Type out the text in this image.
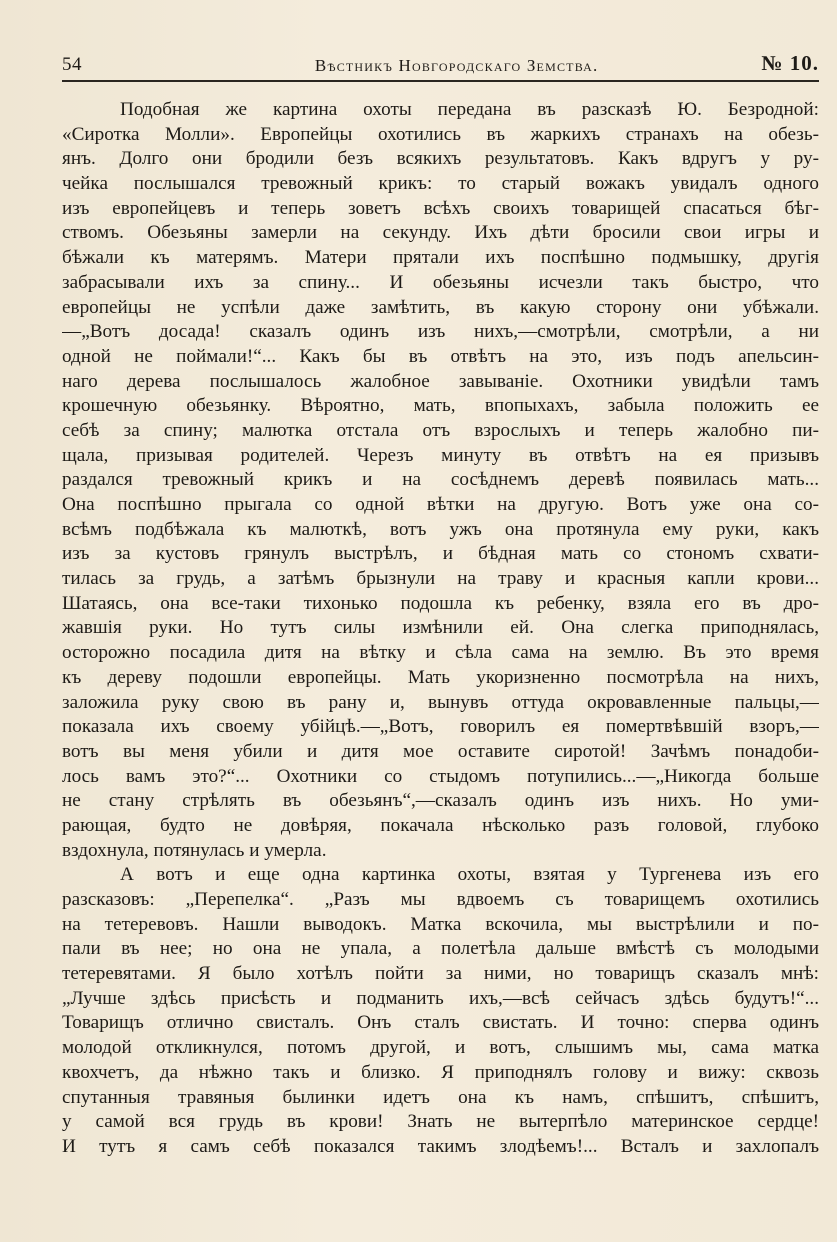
54	Вѣстникъ Новгородскаго Земства.	№ 10.
Подобная же картина охоты передана въ разсказѣ Ю. Безродной:
«Сиротка Молли». Европейцы охотились въ жаркихъ странахъ на обезь-
янъ. Долго они бродили безъ всякихъ результатовъ. Какъ вдругъ у ру-
чейка послышался тревожный крикъ: то старый вожакъ увидалъ одного
изъ европейцевъ и теперь зоветъ всѣхъ своихъ товарищей спасаться бѣг-
ствомъ. Обезьяны замерли на секунду. Ихъ дѣти бросили свои игры и
бѣжали къ матерямъ. Матери прятали ихъ поспѣшно подмышку, другія
забрасывали ихъ за спину... И обезьяны исчезли такъ быстро, что
европейцы не успѣли даже замѣтить, въ какую сторону они убѣжали.
—„Вотъ досада! сказалъ одинъ изъ нихъ,—смотрѣли, смотрѣли, а ни
одной не поймали!“... Какъ бы въ отвѣтъ на это, изъ подъ апельсин-
наго дерева послышалось жалобное завываніе. Охотники увидѣли тамъ
крошечную обезьянку. Вѣроятно, мать, впопыхахъ, забыла положить ее
себѣ за спину; малютка отстала отъ взрослыхъ и теперь жалобно пи-
щала, призывая родителей. Черезъ минуту въ отвѣтъ на ея призывъ
раздался тревожный крикъ и на сосѣднемъ деревѣ появилась мать...
Она поспѣшно прыгала со одной вѣтки на другую. Вотъ уже она со-
всѣмъ подбѣжала къ малюткѣ, вотъ ужъ она протянула ему руки, какъ
изъ за кустовъ грянулъ выстрѣлъ, и бѣдная мать со стономъ схвати-
тилась за грудь, а затѣмъ брызнули на траву и красныя капли крови...
Шатаясь, она все-таки тихонько подошла къ ребенку, взяла его въ дро-
жавшія руки. Но тутъ силы измѣнили ей. Она слегка приподнялась,
осторожно посадила дитя на вѣтку и сѣла сама на землю. Въ это время
къ дереву подошли европейцы. Мать укоризненно посмотрѣла на нихъ,
заложила руку свою въ рану и, вынувъ оттуда окровавленные пальцы,—
показала ихъ своему убійцѣ.—„Вотъ, говорилъ ея помертвѣвшій взоръ,—
вотъ вы меня убили и дитя мое оставите сиротой! Зачѣмъ понадоби-
лось вамъ это?“... Охотники со стыдомъ потупились...—„Никогда больше
не стану стрѣлять въ обезьянъ“,—сказалъ одинъ изъ нихъ. Но уми-
рающая, будто не довѣряя, покачала нѣсколько разъ головой, глубоко
вздохнула, потянулась и умерла.
А вотъ и еще одна картинка охоты, взятая у Тургенева изъ его
разсказовъ: „Перепелка“. „Разъ мы вдвоемъ съ товарищемъ охотились
на тетеревовъ. Нашли выводокъ. Матка вскочила, мы выстрѣлили и по-
пали въ нее; но она не упала, а полетѣла дальше вмѣстѣ съ молодыми
тетеревятами. Я было хотѣлъ пойти за ними, но товарищъ сказалъ мнѣ:
„Лучше здѣсь присѣсть и подманить ихъ,—всѣ сейчасъ здѣсь будутъ!“...
Товарищъ отлично свисталъ. Онъ сталъ свистать. И точно: сперва одинъ
молодой откликнулся, потомъ другой, и вотъ, слышимъ мы, сама матка
квохчетъ, да нѣжно такъ и близко. Я приподнялъ голову и вижу: сквозь
спутанныя травяныя былинки идетъ она къ намъ, спѣшитъ, спѣшитъ,
у самой вся грудь въ крови! Знать не вытерпѣло материнское сердце!
И тутъ я самъ себѣ показался такимъ злодѣемъ!... Всталъ и захлопалъ
